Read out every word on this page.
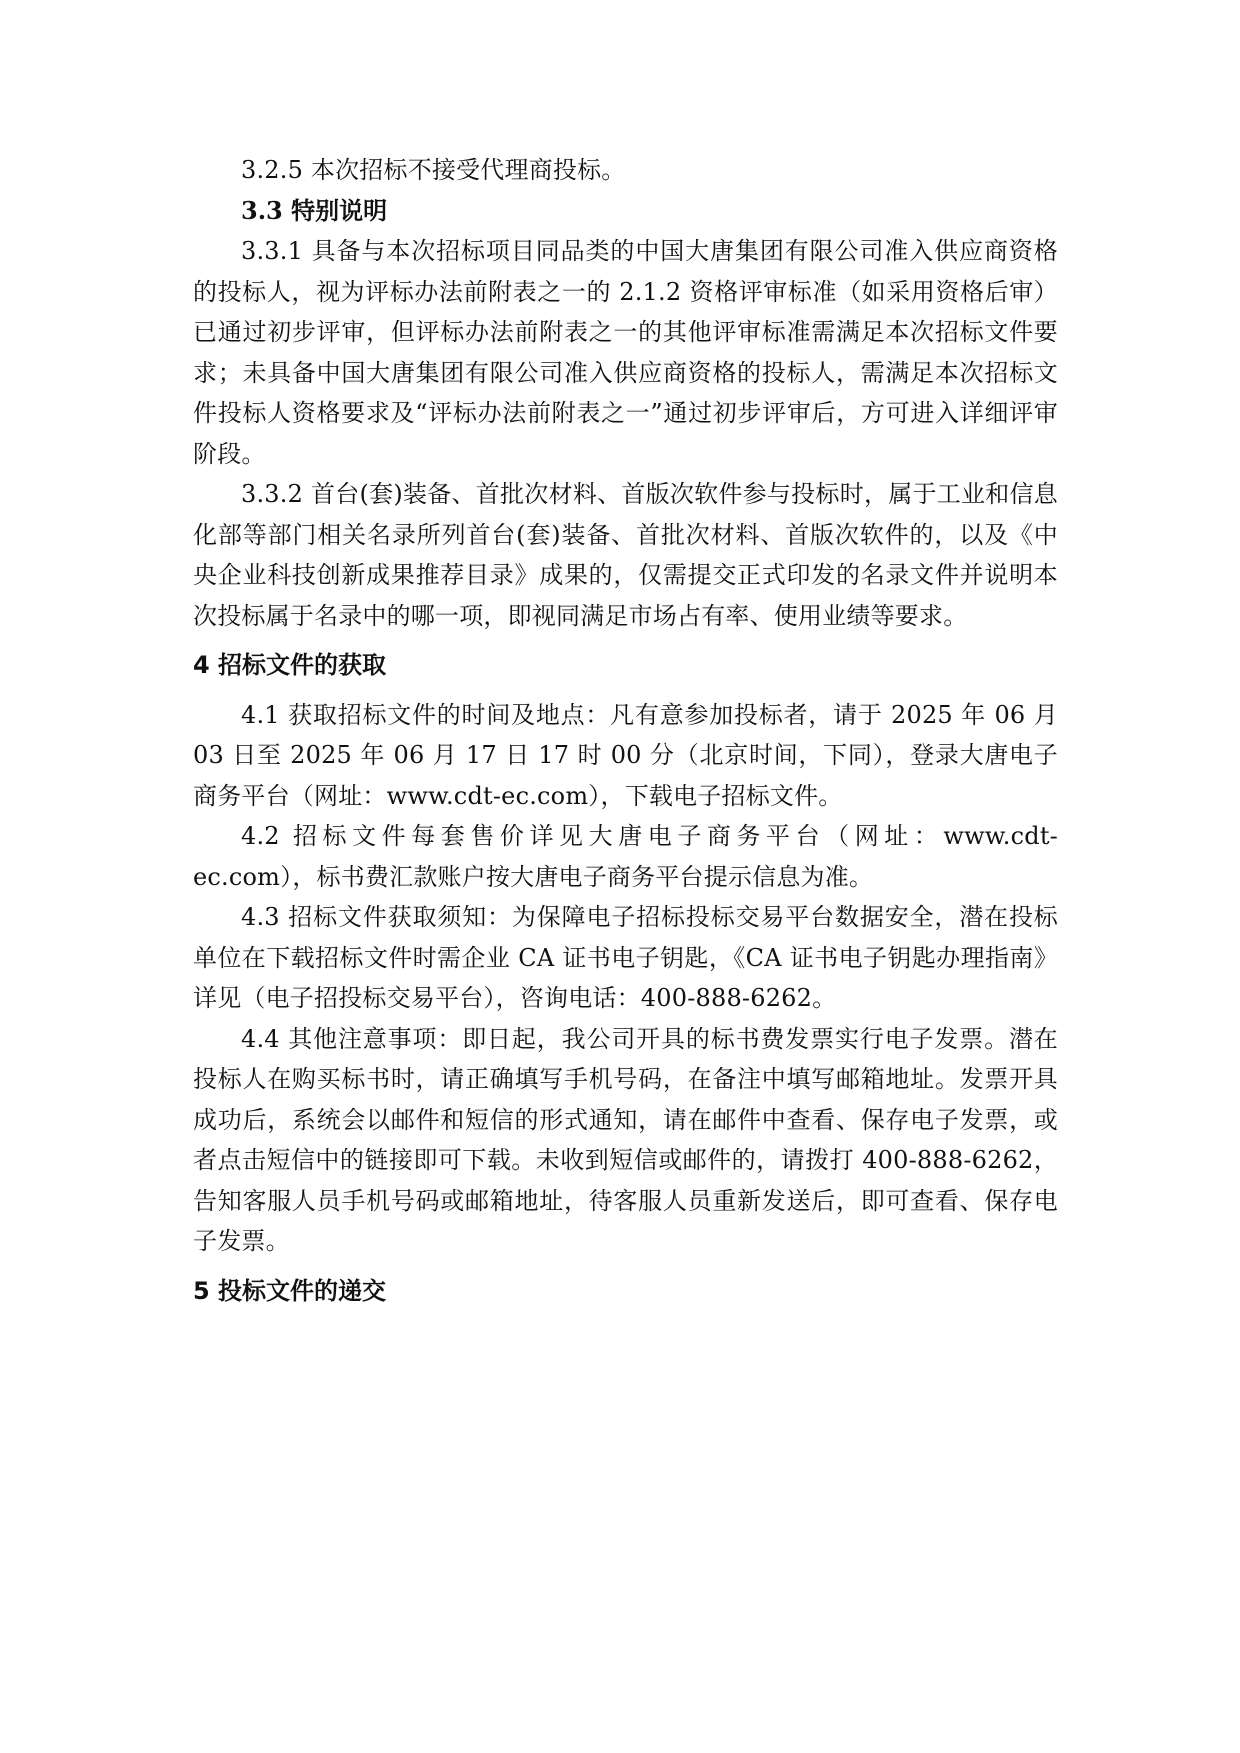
3.2.5 本次招标不接受代理商投标。

3.3 特别说明

3.3.1 具备与本次招标项目同品类的中国大唐集团有限公司准入供应商资格的投标人，视为评标办法前附表之一的 2.1.2 资格评审标准（如采用资格后审）已通过初步评审，但评标办法前附表之一的其他评审标准需满足本次招标文件要求；未具备中国大唐集团有限公司准入供应商资格的投标人，需满足本次招标文件投标人资格要求及“评标办法前附表之一”通过初步评审后，方可进入详细评审阶段。

3.3.2 首台(套)装备、首批次材料、首版次软件参与投标时，属于工业和信息化部等部门相关名录所列首台(套)装备、首批次材料、首版次软件的，以及《中央企业科技创新成果推荐目录》成果的，仅需提交正式印发的名录文件并说明本次投标属于名录中的哪一项，即视同满足市场占有率、使用业绩等要求。

4 招标文件的获取

4.1 获取招标文件的时间及地点：凡有意参加投标者，请于 2025 年 06 月 03 日至 2025 年 06 月 17 日 17 时 00 分（北京时间，下同），登录大唐电子商务平台（网址：www.cdt-ec.com），下载电子招标文件。

4.2 招标文件每套售价详见大唐电子商务平台（网址：www.cdt-ec.com），标书费汇款账户按大唐电子商务平台提示信息为准。

4.3 招标文件获取须知：为保障电子招标投标交易平台数据安全，潜在投标单位在下载招标文件时需企业 CA 证书电子钥匙，《CA 证书电子钥匙办理指南》详见（电子招投标交易平台），咨询电话：400-888-6262。

4.4 其他注意事项：即日起，我公司开具的标书费发票实行电子发票。潜在投标人在购买标书时，请正确填写手机号码，在备注中填写邮箱地址。发票开具成功后，系统会以邮件和短信的形式通知，请在邮件中查看、保存电子发票，或者点击短信中的链接即可下载。未收到短信或邮件的，请拨打 400-888-6262，告知客服人员手机号码或邮箱地址，待客服人员重新发送后，即可查看、保存电子发票。

5 投标文件的递交
